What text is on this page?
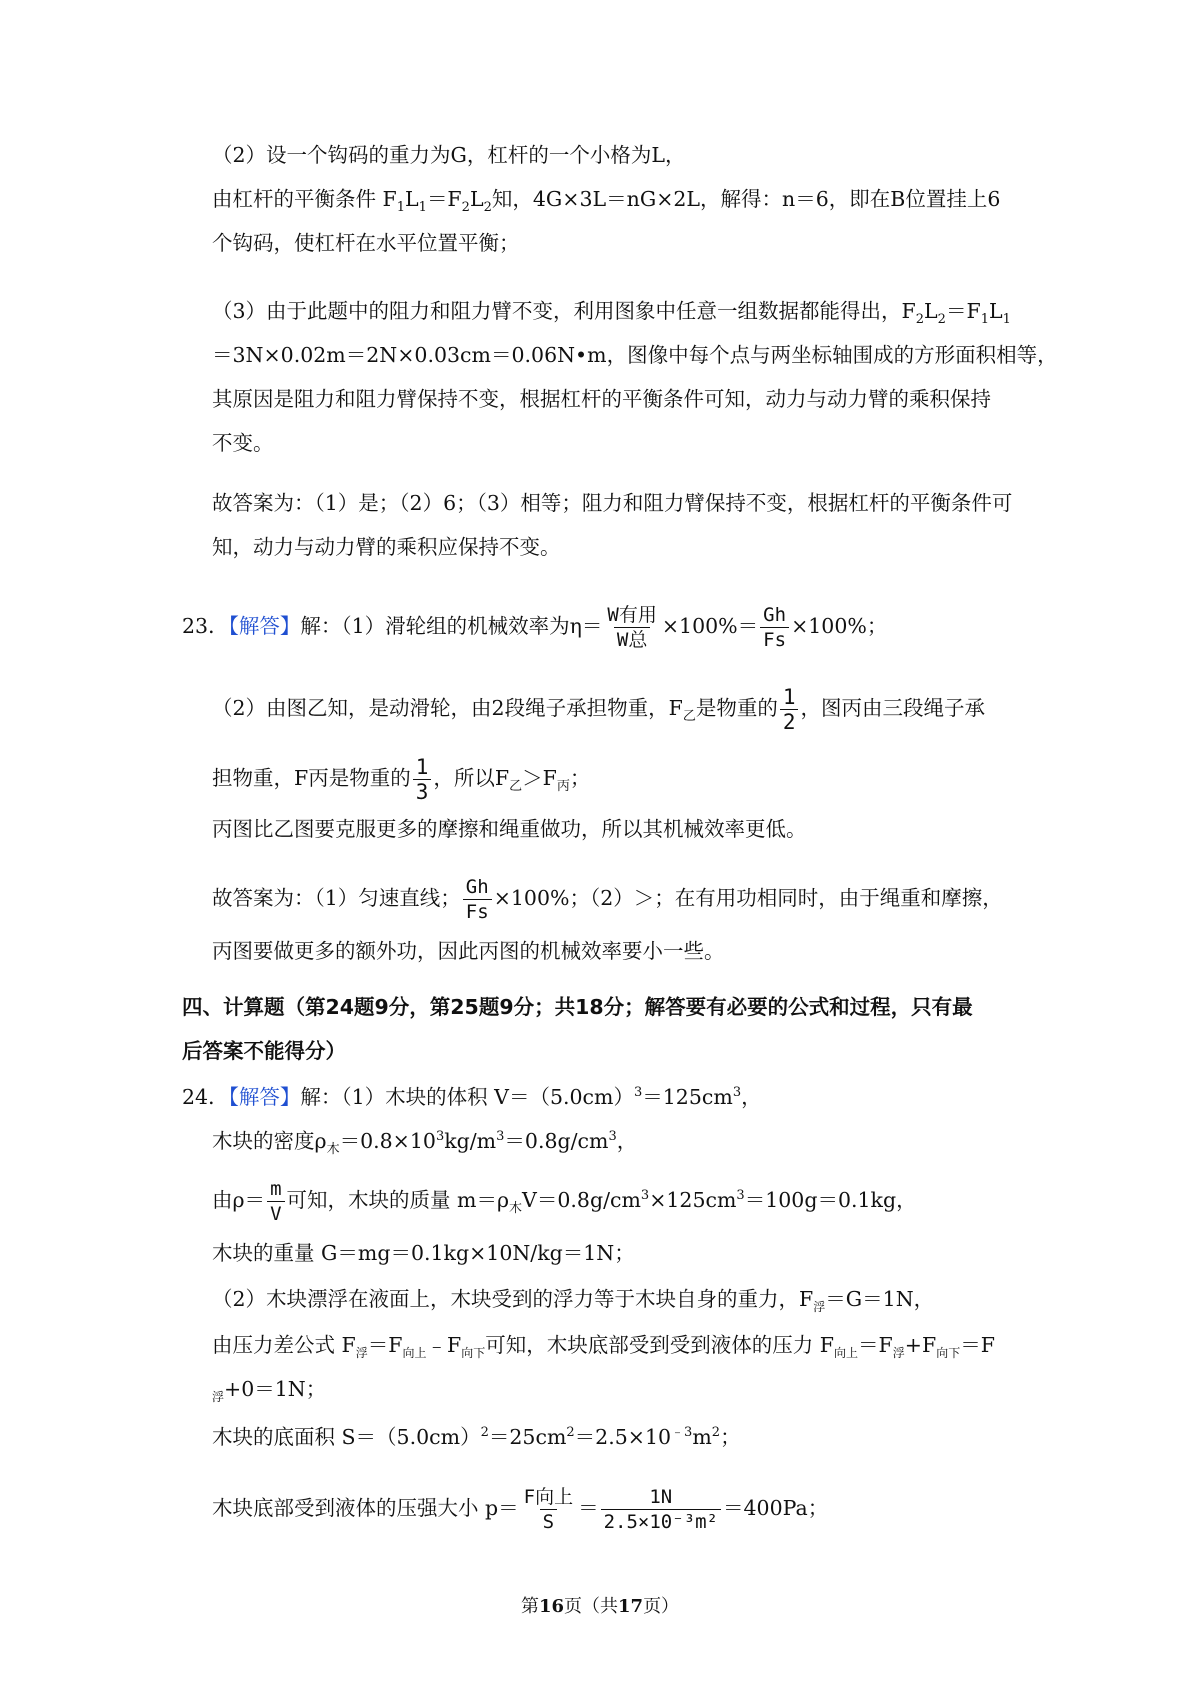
（2）设一个钩码的重力为G，杠杆的一个小格为L，
由杠杆的平衡条件 $F_1L_1=F_2L_2$知，4G×3L＝nG×2L，解得：n＝6，即在B位置挂上6
个钩码，使杠杆在水平位置平衡；
（3）由于此题中的阻力和阻力臂不变，利用图象中任意一组数据都能得出，$F_2L_2=F_1L_1$
＝3N×0.02m＝2N×0.03cm＝0.06N•m，图像中每个点与两坐标轴围成的方形面积相等，
其原因是阻力和阻力臂保持不变，根据杠杆的平衡条件可知，动力与动力臂的乘积保持
不变。
故答案为：（1）是；（2）6；（3）相等；阻力和阻力臂保持不变，根据杠杆的平衡条件可
知，动力与动力臂的乘积应保持不变。
23．【解答】解：（1）滑轮组的机械效率为$\eta= \frac{\text{W有用}}{\text{W总}} \times 100\%= \frac{Gh}{Fs} \times 100\%$；
（2）由图乙知，是动滑轮，由2段绳子承担物重，$F_乙$是物重的 $\frac{1}{2}$ ，图丙由三段绳子承
担物重，F丙是物重的 $\frac{1}{3}$ ，所以$F_乙>F_丙$；
丙图比乙图要克服更多的摩擦和绳重做功，所以其机械效率更低。
故答案为：（1）匀速直线； $\frac{Gh}{Fs} \times 100\%$；（2）＞；在有用功相同时，由于绳重和摩擦，
丙图要做更多的额外功，因此丙图的机械效率要小一些。
四、计算题（第24题9分，第25题9分；共18分；解答要有必要的公式和过程，只有最
后答案不能得分）
24．【解答】解：（1）木块的体积 $V=(5.0cm)^3=125cm^3$，
木块的密度$\rho_木=0.8\times 10^3kg/m^3=0.8g/cm^3$，
由$\rho= \frac{m}{V}$ 可知，木块的质量 $m=\rho_木V=0.8g/cm^3\times 125cm^3=100g=0.1kg$，
木块的重量 G＝mg＝0.1kg×10N/kg＝1N；
（2）木块漂浮在液面上，木块受到的浮力等于木块自身的重力，$F_浮=G=1N$，
由压力差公式 $F_浮=F_{向上}﹣F_{向下}$可知，木块底部受到受到液体的压力 $F_{向上}=F_浮+F_{向下}=F$
$_浮$+0＝1N；
木块的底面积 $S=(5.0cm)^2=25cm^2=2.5\times 10^{﹣3}m^2$；
木块底部受到液体的压强大小 $p= \frac{\text{F向上}}{S} = \frac{1N}{\text{2.5×10⁻³m²}} =400Pa$；
第16页（共17页）
